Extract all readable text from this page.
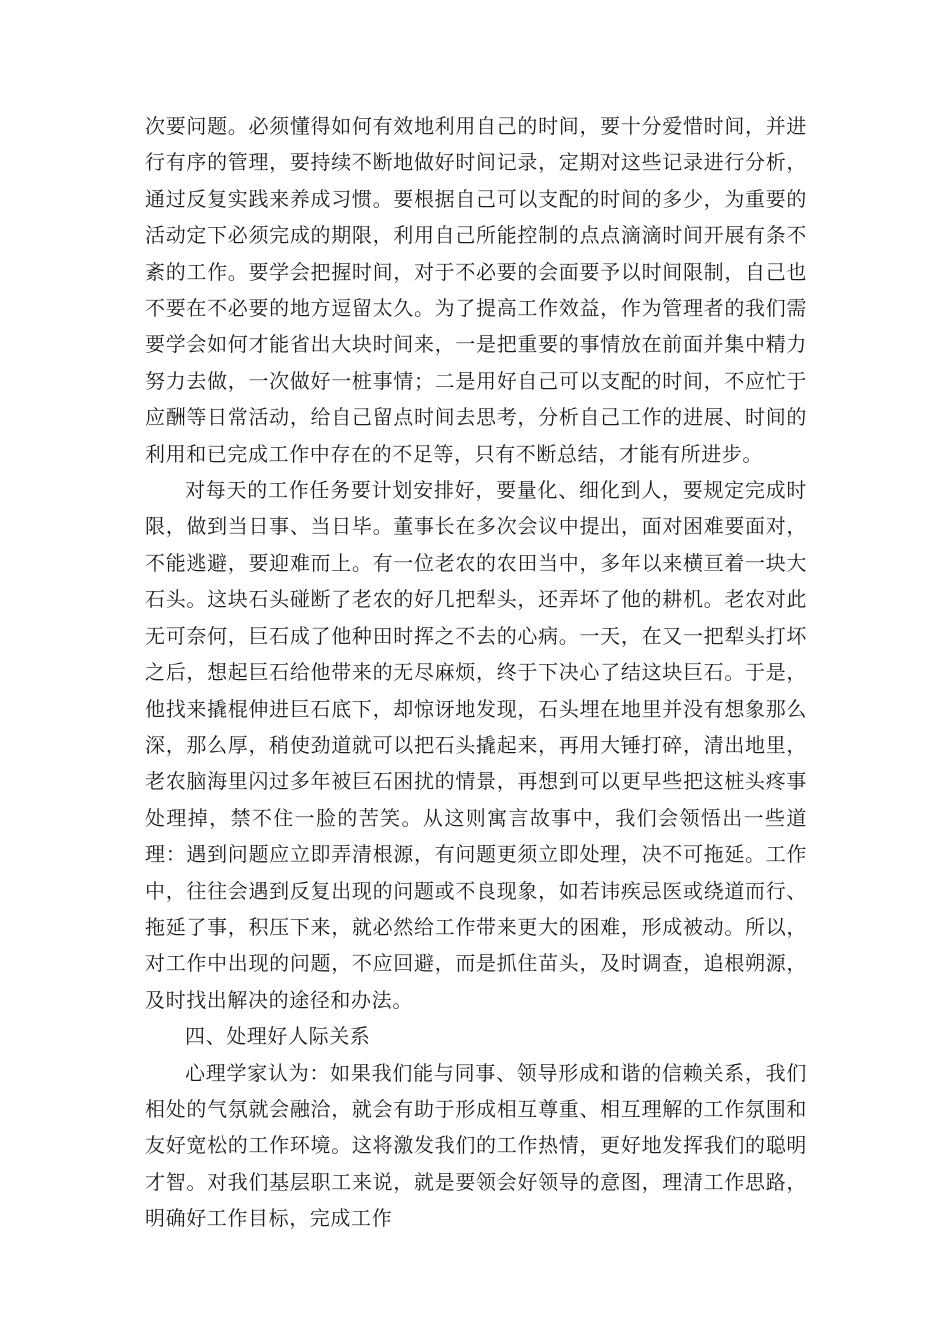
次要问题。必须懂得如何有效地利用自己的时间，要十分爱惜时间，并进行有序的管理，要持续不断地做好时间记录，定期对这些记录进行分析，通过反复实践来养成习惯。要根据自己可以支配的时间的多少，为重要的活动定下必须完成的期限，利用自己所能控制的点点滴滴时间开展有条不紊的工作。要学会把握时间，对于不必要的会面要予以时间限制，自己也不要在不必要的地方逗留太久。为了提高工作效益，作为管理者的我们需要学会如何才能省出大块时间来，一是把重要的事情放在前面并集中精力努力去做，一次做好一桩事情；二是用好自己可以支配的时间，不应忙于应酬等日常活动，给自己留点时间去思考，分析自己工作的进展、时间的利用和已完成工作中存在的不足等，只有不断总结，才能有所进步。

对每天的工作任务要计划安排好，要量化、细化到人，要规定完成时限，做到当日事、当日毕。董事长在多次会议中提出，面对困难要面对，不能逃避，要迎难而上。有一位老农的农田当中，多年以来横亘着一块大石头。这块石头碰断了老农的好几把犁头，还弄坏了他的耕机。老农对此无可奈何，巨石成了他种田时挥之不去的心病。一天，在又一把犁头打坏之后，想起巨石给他带来的无尽麻烦，终于下决心了结这块巨石。于是，他找来撬棍伸进巨石底下，却惊讶地发现，石头埋在地里并没有想象那么深，那么厚，稍使劲道就可以把石头撬起来，再用大锤打碎，清出地里，老农脑海里闪过多年被巨石困扰的情景，再想到可以更早些把这桩头疼事处理掉，禁不住一脸的苦笑。从这则寓言故事中，我们会领悟出一些道理：遇到问题应立即弄清根源，有问题更须立即处理，决不可拖延。工作中，往往会遇到反复出现的问题或不良现象，如若讳疾忌医或绕道而行、拖延了事，积压下来，就必然给工作带来更大的困难，形成被动。所以，对工作中出现的问题，不应回避，而是抓住苗头，及时调查，追根朔源，及时找出解决的途径和办法。

四、处理好人际关系

心理学家认为：如果我们能与同事、领导形成和谐的信赖关系，我们相处的气氛就会融洽，就会有助于形成相互尊重、相互理解的工作氛围和友好宽松的工作环境。这将激发我们的工作热情，更好地发挥我们的聪明才智。对我们基层职工来说，就是要领会好领导的意图，理清工作思路，明确好工作目标，完成工作
